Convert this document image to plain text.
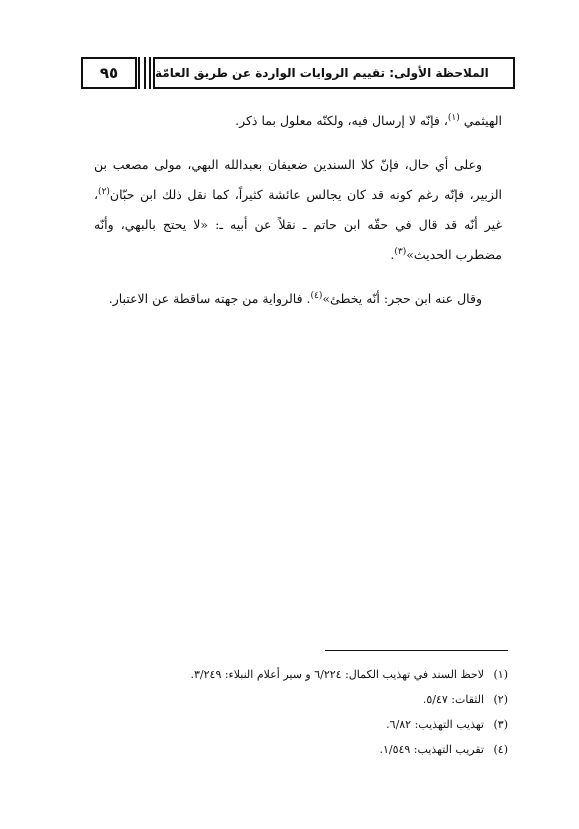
٩٥	الملاحظة الأولى: تقييم الروايات الواردة عن طريق العامّة

الهيثمي $^{(١)}$، فإنّه لا إرسال فيه، ولكنّه معلول بما ذكر.

وعلى أي حال، فإنّ كلا السندين ضعيفان بعبدالله البهي، مولى مصعب بن الزبير، فإنّه رغم كونه قد كان يجالس عائشة كثيراً، كما نقل ذلك ابن حبّان$^{(٢)}$، غير أنّه قد قال في حقّه ابن حاتم ـ نقلاً عن أبيه ـ: «لا يحتج بالبهي، وأنّه مضطرب الحديث»$^{(٣)}$.

وقال عنه ابن حجر: أنّه يخطئ»$^{(٤)}$. فالرواية من جهته ساقطة عن الاعتبار.

(١)لاحظ السند في تهذيب الكمال: ٦/٢٢٤ و سير أعلام النبلاء: ٣/٢٤٩.
(٢)الثقات: ٥/٤٧.
(٣)تهذيب التهذيب: ٦/٨٢.
(٤)تقريب التهذيب: ١/٥٤٩.
